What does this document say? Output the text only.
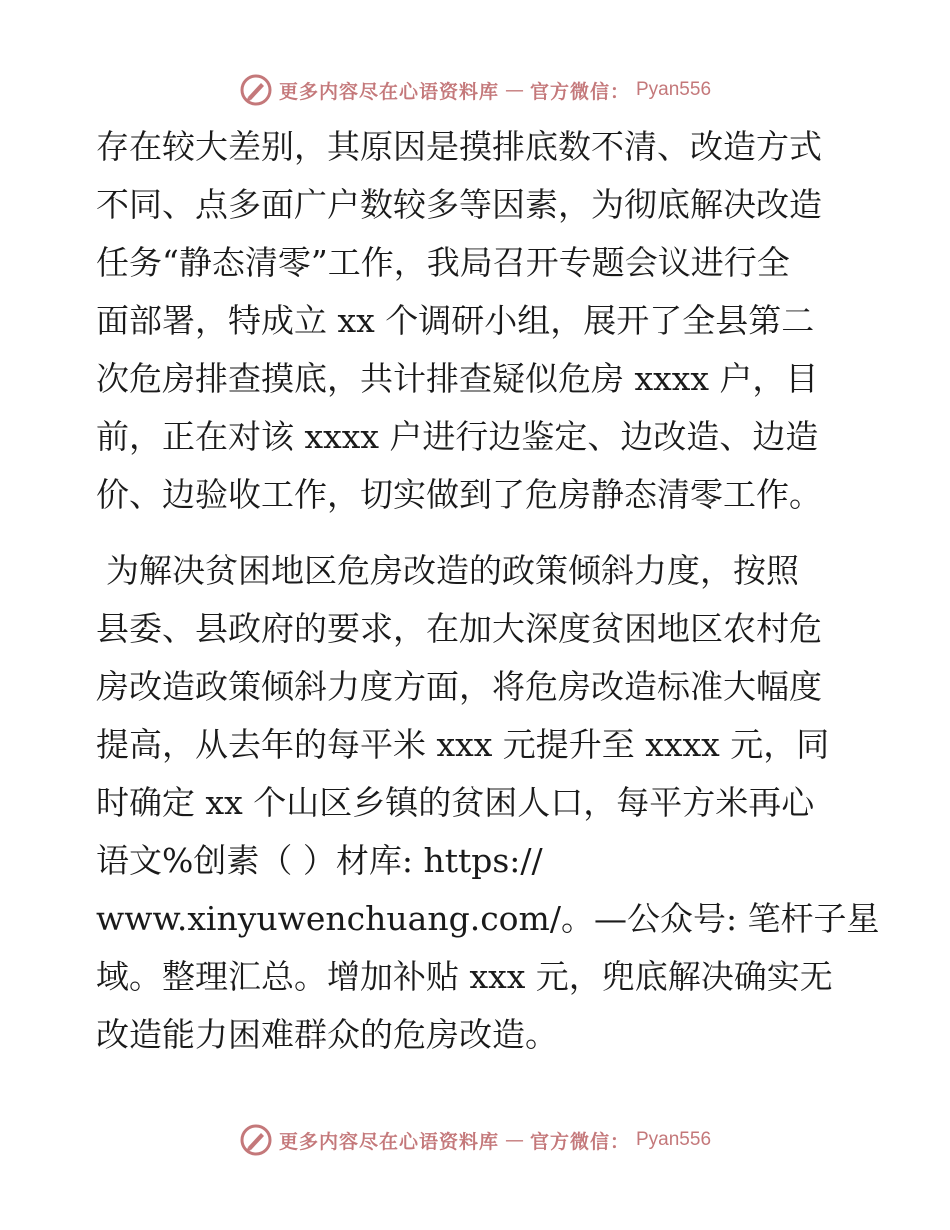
更多内容尽在心语资料库 — 官方微信： Pyan556

存在较大差别，其原因是摸排底数不清、改造方式
不同、点多面广户数较多等因素，为彻底解决改造
任务“静态清零”工作，我局召开专题会议进行全
面部署，特成立 xx 个调研小组，展开了全县第二
次危房排查摸底，共计排查疑似危房 xxxx 户，目
前，正在对该 xxxx 户进行边鉴定、边改造、边造
价、边验收工作，切实做到了危房静态清零工作。

为解决贫困地区危房改造的政策倾斜力度，按照
县委、县政府的要求，在加大深度贫困地区农村危
房改造政策倾斜力度方面，将危房改造标准大幅度
提高，从去年的每平米 xxx 元提升至 xxxx 元，同
时确定 xx 个山区乡镇的贫困人口，每平方米再心
语文%创素（ ）材库: https://
www.xinyuwenchuang.com/。—公众号: 笔杆子星
域。整理汇总。增加补贴 xxx 元，兜底解决确实无
改造能力困难群众的危房改造。

更多内容尽在心语资料库 — 官方微信： Pyan556
